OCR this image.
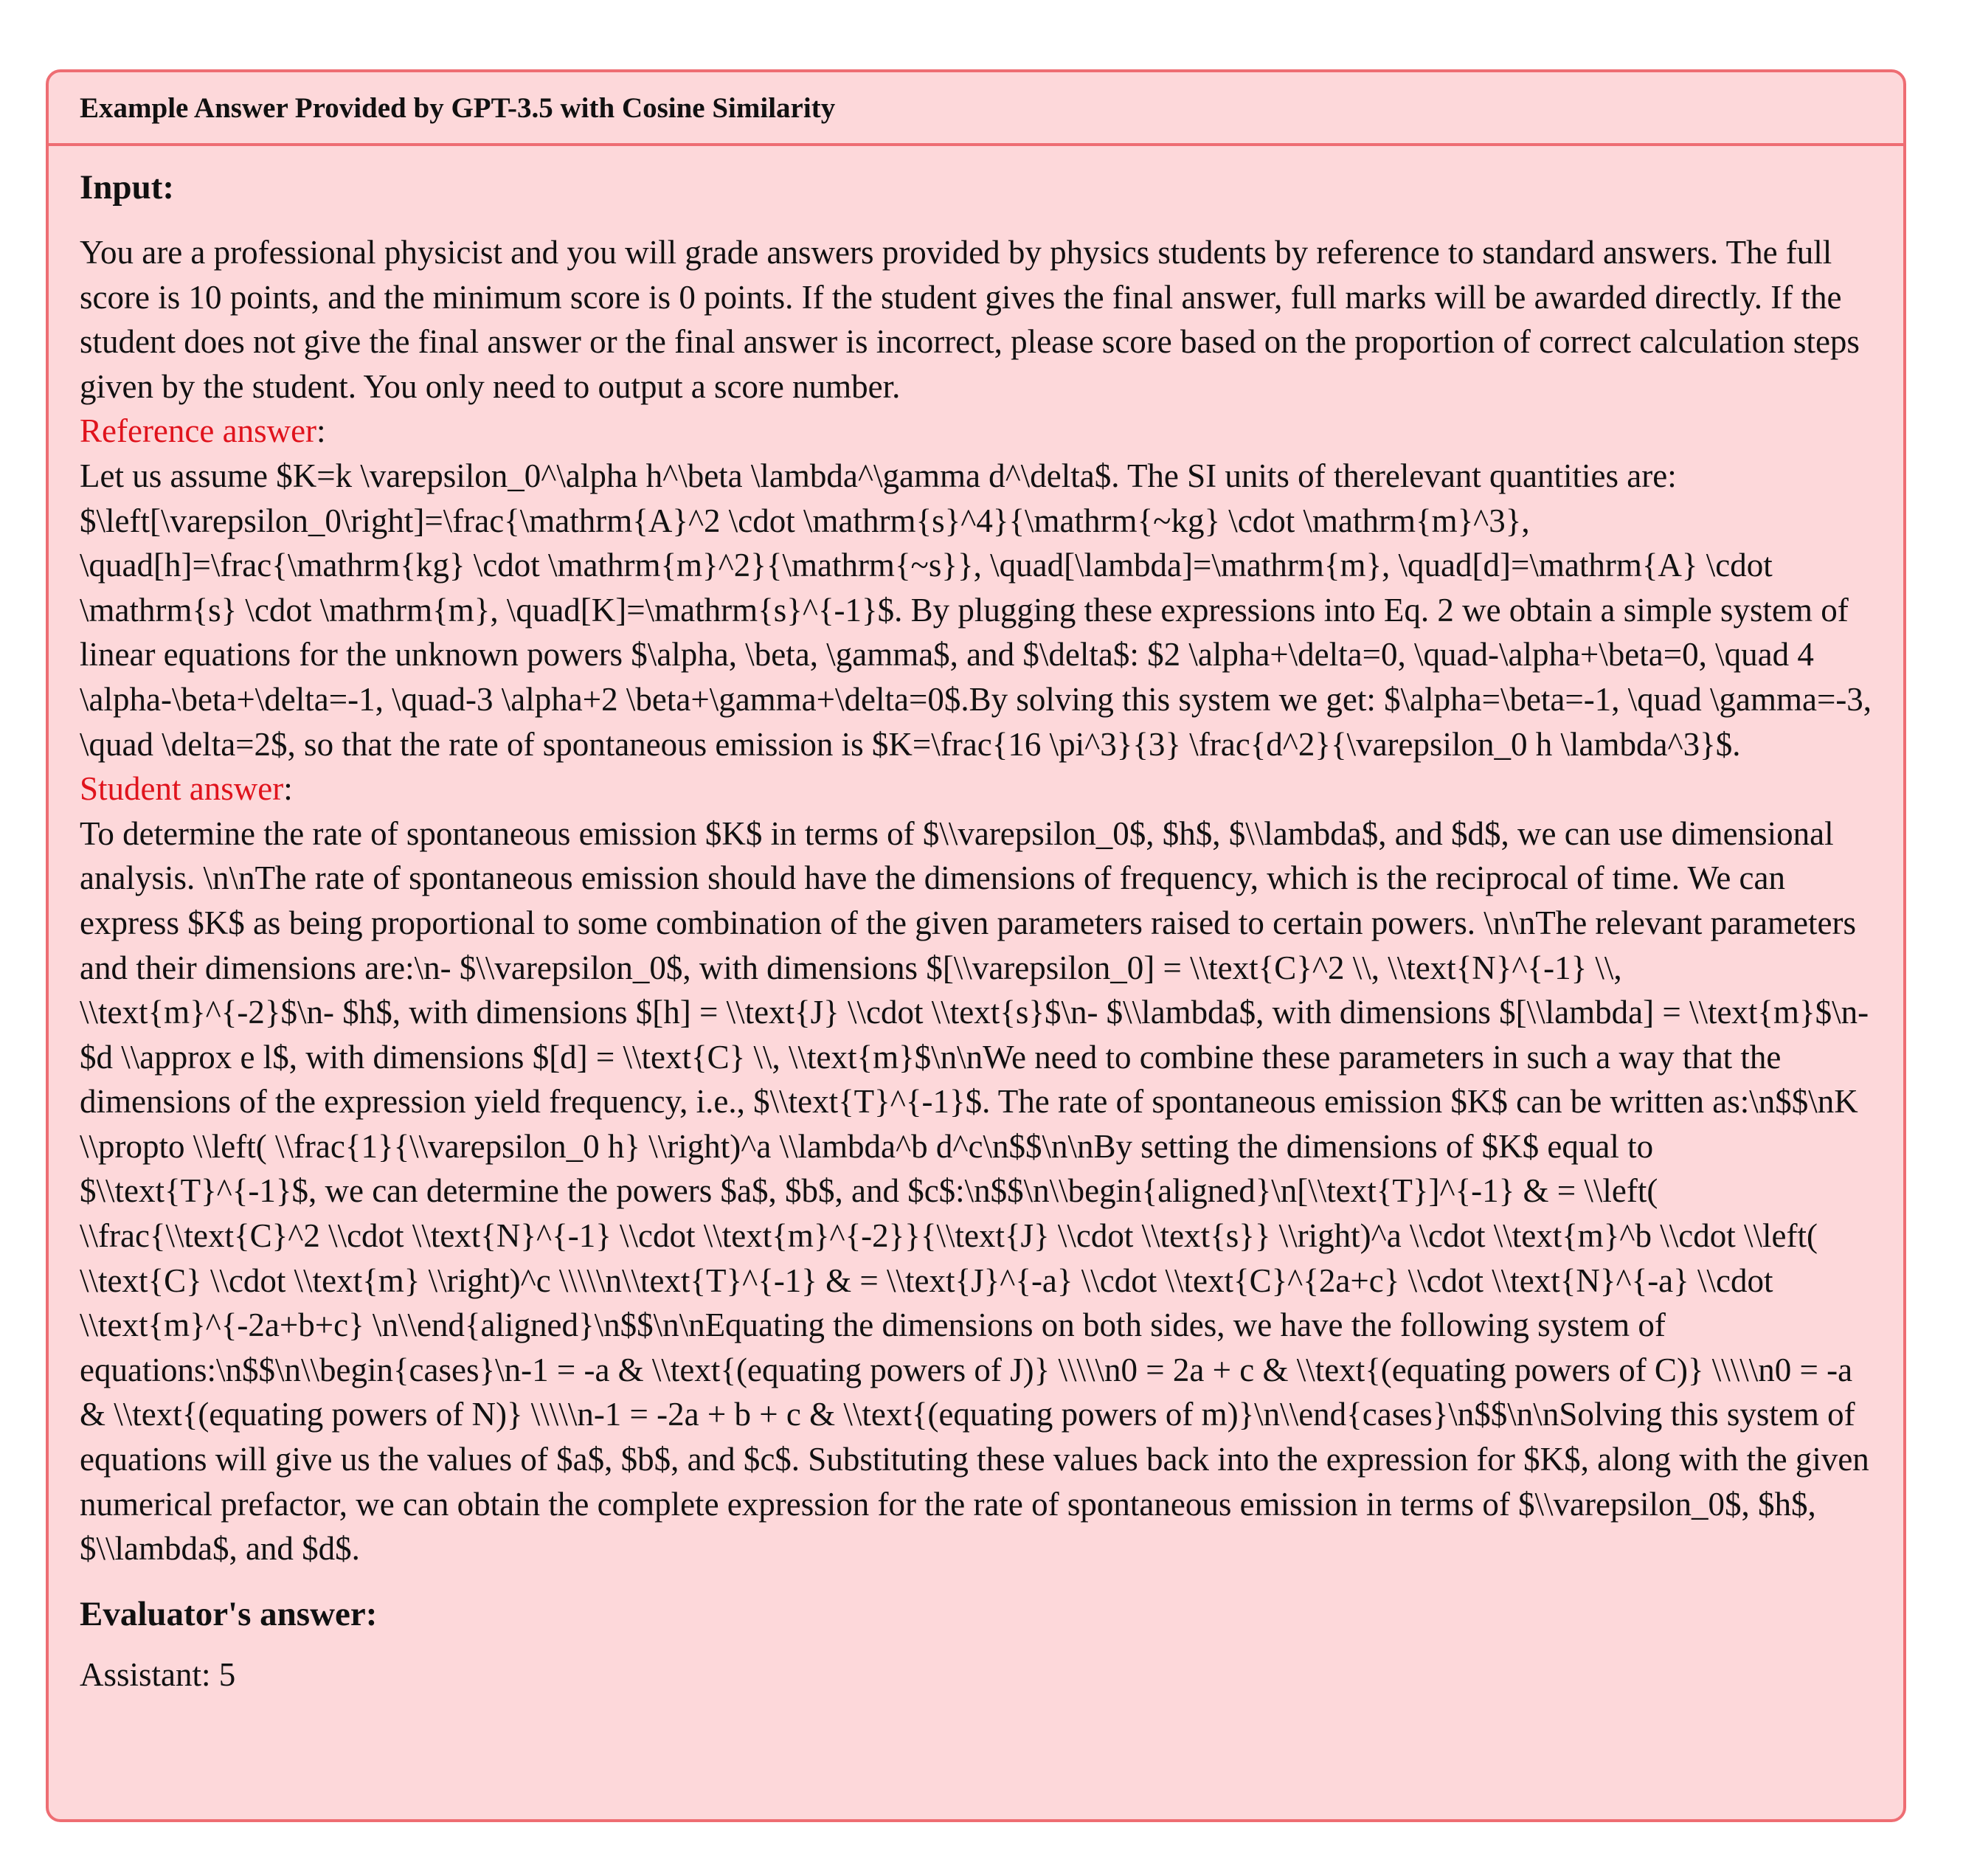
Example Answer Provided by GPT-3.5 with Cosine Similarity

Input:

You are a professional physicist and you will grade answers provided by physics students by reference to standard answers. The full score is 10 points, and the minimum score is 0 points. If the student gives the final answer, full marks will be awarded directly. If the student does not give the final answer or the final answer is incorrect, please score based on the proportion of correct calculation steps given by the student. You only need to output a score number.

Reference answer:

Let us assume $K=k \varepsilon_0^\alpha h^\beta \lambda^\gamma d^\delta$. The SI units of therelevant quantities are: $\left[\varepsilon_0\right]=\frac{\mathrm{A}^2 \cdot \mathrm{s}^4}{\mathrm{~kg} \cdot \mathrm{m}^3}, \quad[h]=\frac{\mathrm{kg} \cdot \mathrm{m}^2}{\mathrm{~s}}, \quad[\lambda]=\mathrm{m}, \quad[d]=\mathrm{A} \cdot \mathrm{s} \cdot \mathrm{m}, \quad[K]=\mathrm{s}^{-1}$. By plugging these expressions into Eq. 2 we obtain a simple system of linear equations for the unknown powers $\alpha, \beta, \gamma$, and $\delta$: $2 \alpha+\delta=0, \quad-\alpha+\beta=0, \quad 4 \alpha-\beta+\delta=-1, \quad-3 \alpha+2 \beta+\gamma+\delta=0$.By solving this system we get: $\alpha=\beta=-1, \quad \gamma=-3, \quad \delta=2$, so that the rate of spontaneous emission is $K=\frac{16 \pi^3}{3} \frac{d^2}{\varepsilon_0 h \lambda^3}$.

Student answer:

To determine the rate of spontaneous emission $K$ in terms of $\\varepsilon_0$, $h$, $\\lambda$, and $d$, we can use dimensional analysis. \n\nThe rate of spontaneous emission should have the dimensions of frequency, which is the reciprocal of time. We can express $K$ as being proportional to some combination of the given parameters raised to certain powers. \n\nThe relevant parameters and their dimensions are:\n- $\\varepsilon_0$, with dimensions $[\\varepsilon_0] = \\text{C}^2 \\, \\text{N}^{-1} \\, \\text{m}^{-2}$\n- $h$, with dimensions $[h] = \\text{J} \\cdot \\text{s}$\n- $\\lambda$, with dimensions $[\\lambda] = \\text{m}$\n- $d \\approx e l$, with dimensions $[d] = \\text{C} \\, \\text{m}$\n\nWe need to combine these parameters in such a way that the dimensions of the expression yield frequency, i.e., $\\text{T}^{-1}$. The rate of spontaneous emission $K$ can be written as:\n$$\nK \\propto \\left( \\frac{1}{\\varepsilon_0 h} \\right)^a \\lambda^b d^c\n$$\n\nBy setting the dimensions of $K$ equal to $\\text{T}^{-1}$, we can determine the powers $a$, $b$, and $c$:\n$$\n\\begin{aligned}\n[\\text{T}]^{-1} & = \\left( \\frac{\\text{C}^2 \\cdot \\text{N}^{-1} \\cdot \\text{m}^{-2}}{\\text{J} \\cdot \\text{s}} \\right)^a \\cdot \\text{m}^b \\cdot \\left( \\text{C} \\cdot \\text{m} \\right)^c \\\\\n\\text{T}^{-1} & = \\text{J}^{-a} \\cdot \\text{C}^{2a+c} \\cdot \\text{N}^{-a} \\cdot \\text{m}^{-2a+b+c} \n\\end{aligned}\n$$\n\nEquating the dimensions on both sides, we have the following system of equations:\n$$\n\\begin{cases}\n-1 = -a & \\text{(equating powers of J)} \\\\\n0 = 2a + c & \\text{(equating powers of C)} \\\\\n0 = -a & \\text{(equating powers of N)} \\\\\n-1 = -2a + b + c & \\text{(equating powers of m)}\n\\end{cases}\n$$\n\nSolving this system of equations will give us the values of $a$, $b$, and $c$. Substituting these values back into the expression for $K$, along with the given numerical prefactor, we can obtain the complete expression for the rate of spontaneous emission in terms of $\\varepsilon_0$, $h$, $\\lambda$, and $d$.

Evaluator's answer:

Assistant: 5
